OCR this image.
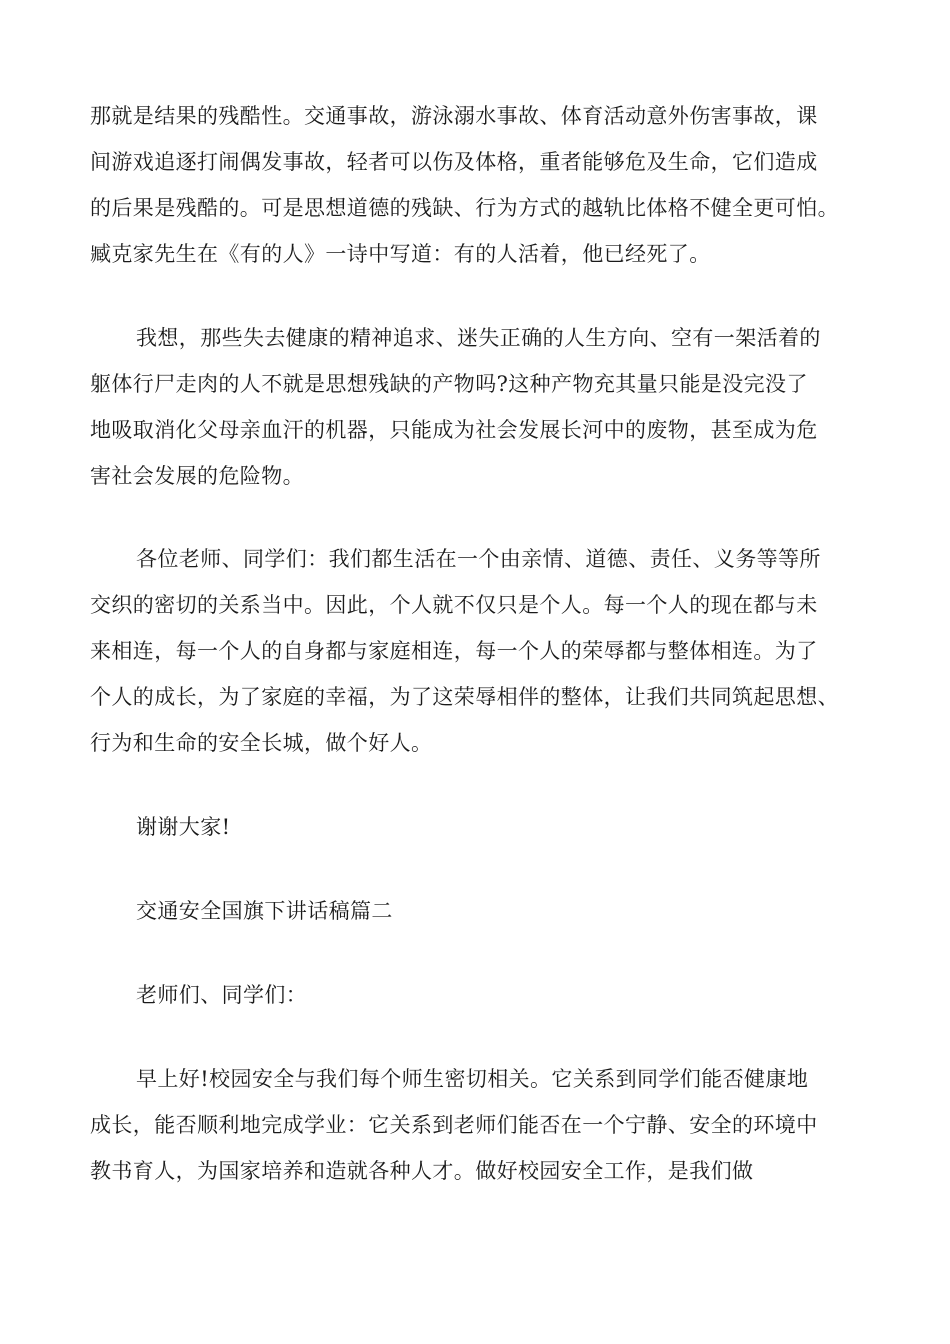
那就是结果的残酷性。交通事故，游泳溺水事故、体育活动意外伤害事故，课
间游戏追逐打闹偶发事故，轻者可以伤及体格，重者能够危及生命，它们造成
的后果是残酷的。可是思想道德的残缺、行为方式的越轨比体格不健全更可怕。
臧克家先生在《有的人》一诗中写道：有的人活着，他已经死了。
我想，那些失去健康的精神追求、迷失正确的人生方向、空有一架活着的
躯体行尸走肉的人不就是思想残缺的产物吗?这种产物充其量只能是没完没了
地吸取消化父母亲血汗的机器，只能成为社会发展长河中的废物，甚至成为危
害社会发展的危险物。
各位老师、同学们：我们都生活在一个由亲情、道德、责任、义务等等所
交织的密切的关系当中。因此，个人就不仅只是个人。每一个人的现在都与未
来相连，每一个人的自身都与家庭相连，每一个人的荣辱都与整体相连。为了
个人的成长，为了家庭的幸福，为了这荣辱相伴的整体，让我们共同筑起思想、
行为和生命的安全长城，做个好人。
谢谢大家!
交通安全国旗下讲话稿篇二
老师们、同学们：
早上好!校园安全与我们每个师生密切相关。它关系到同学们能否健康地
成长，能否顺利地完成学业：它关系到老师们能否在一个宁静、安全的环境中
教书育人，为国家培养和造就各种人才。做好校园安全工作，是我们做
